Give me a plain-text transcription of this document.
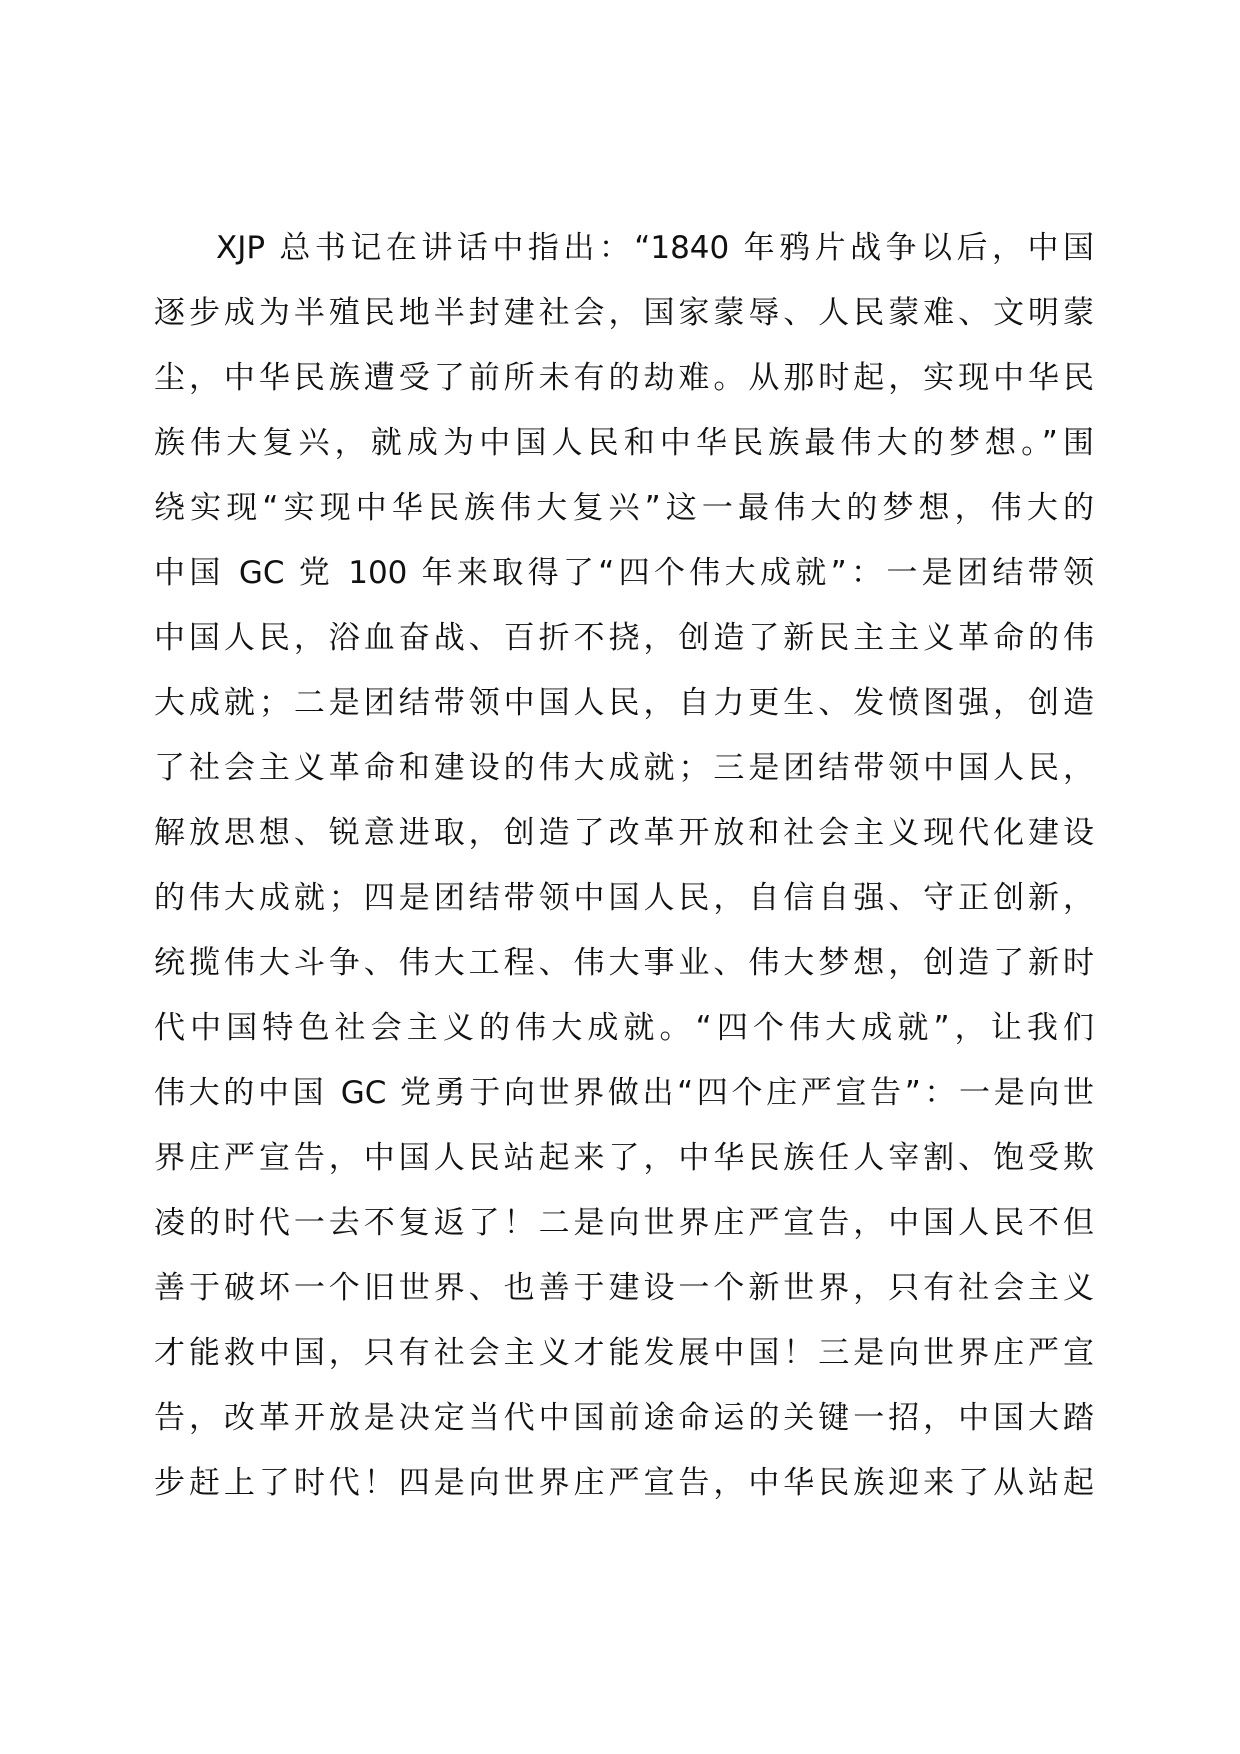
XJP 总书记在讲话中指出：“1840 年鸦片战争以后，中国
逐步成为半殖民地半封建社会，国家蒙辱、人民蒙难、文明蒙
尘，中华民族遭受了前所未有的劫难。从那时起，实现中华民
族伟大复兴，就成为中国人民和中华民族最伟大的梦想。”围
绕实现“实现中华民族伟大复兴”这一最伟大的梦想，伟大的
中国 GC 党 100 年来取得了“四个伟大成就”：一是团结带领
中国人民，浴血奋战、百折不挠，创造了新民主主义革命的伟
大成就；二是团结带领中国人民，自力更生、发愤图强，创造
了社会主义革命和建设的伟大成就；三是团结带领中国人民，
解放思想、锐意进取，创造了改革开放和社会主义现代化建设
的伟大成就；四是团结带领中国人民，自信自强、守正创新，
统揽伟大斗争、伟大工程、伟大事业、伟大梦想，创造了新时
代中国特色社会主义的伟大成就。“四个伟大成就”，让我们
伟大的中国 GC 党勇于向世界做出“四个庄严宣告”：一是向世
界庄严宣告，中国人民站起来了，中华民族任人宰割、饱受欺
凌的时代一去不复返了！二是向世界庄严宣告，中国人民不但
善于破坏一个旧世界、也善于建设一个新世界，只有社会主义
才能救中国，只有社会主义才能发展中国！三是向世界庄严宣
告，改革开放是决定当代中国前途命运的关键一招，中国大踏
步赶上了时代！四是向世界庄严宣告，中华民族迎来了从站起
